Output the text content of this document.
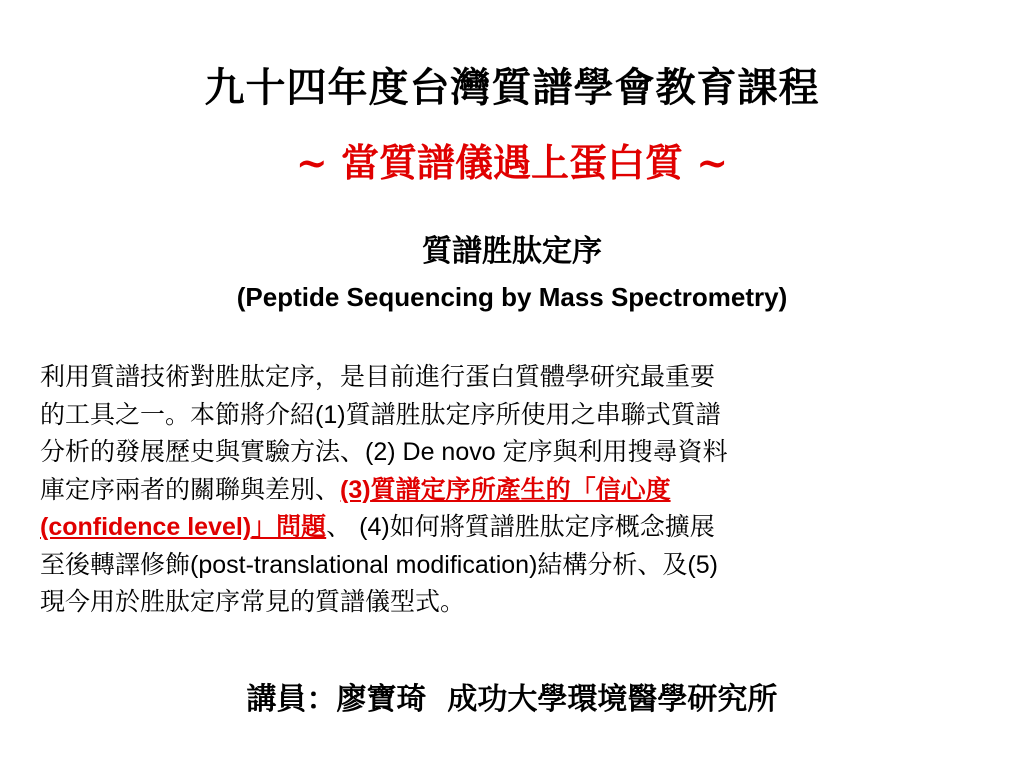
九十四年度台灣質譜學會教育課程
~ 當質譜儀遇上蛋白質 ~
質譜胜肽定序
(Peptide Sequencing by Mass Spectrometry)
利用質譜技術對胜肽定序，是目前進行蛋白質體學研究最重要
的工具之一。本節將介紹(1)質譜胜肽定序所使用之串聯式質譜
分析的發展歷史與實驗方法、(2) De novo 定序與利用搜尋資料
庫定序兩者的關聯與差別、(3)質譜定序所產生的「信心度
(confidence level)」問題、 (4)如何將質譜胜肽定序概念擴展
至後轉譯修飾(post-translational modification)結構分析、及(5)
現今用於胜肽定序常見的質譜儀型式。
講員：廖寶琦  成功大學環境醫學研究所
